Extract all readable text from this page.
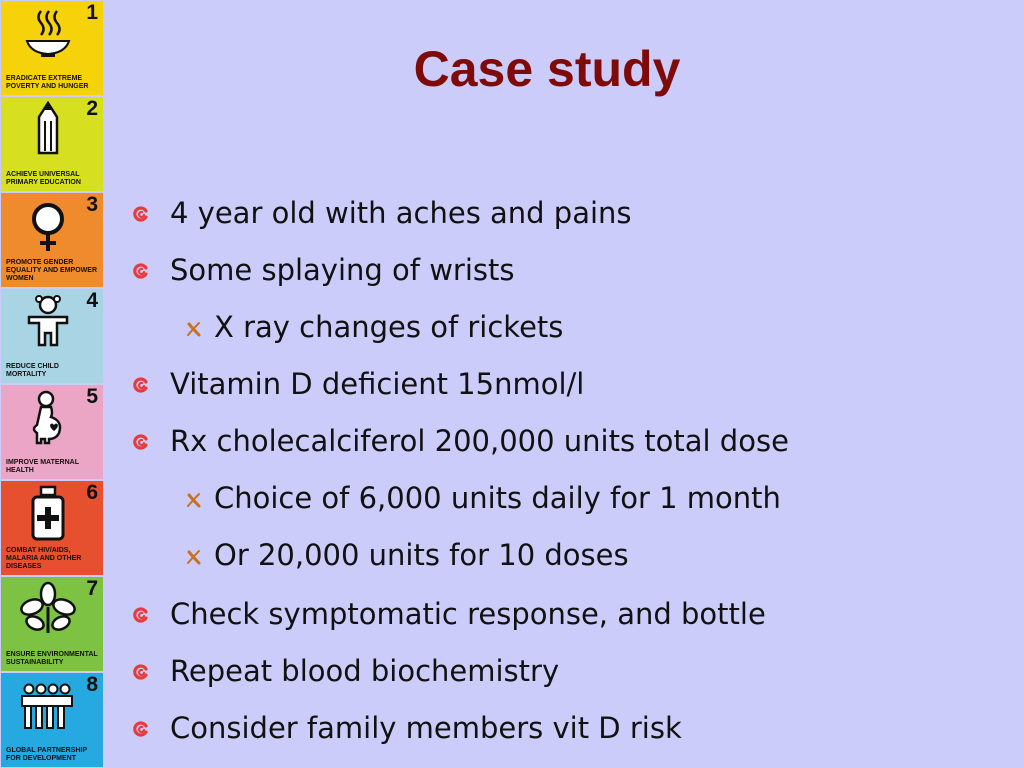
1
ERADICATE EXTREME POVERTY AND HUNGER
2
ACHIEVE UNIVERSAL PRIMARY EDUCATION
3
PROMOTE GENDER EQUALITY AND EMPOWER WOMEN
4
REDUCE CHILD MORTALITY
5
IMPROVE MATERNAL HEALTH
6
COMBAT HIV/AIDS, MALARIA AND OTHER DISEASES
7
ENSURE ENVIRONMENTAL SUSTAINABILITY
8
GLOBAL PARTNERSHIP FOR DEVELOPMENT
Case study
4 year old with aches and pains
Some splaying of wrists
X ray changes of rickets
Vitamin D deficient 15nmol/l
Rx cholecalciferol 200,000 units total dose
Choice of 6,000 units daily for 1 month
Or 20,000 units for 10 doses
Check symptomatic response, and bottle
Repeat blood biochemistry
Consider family members vit D risk
